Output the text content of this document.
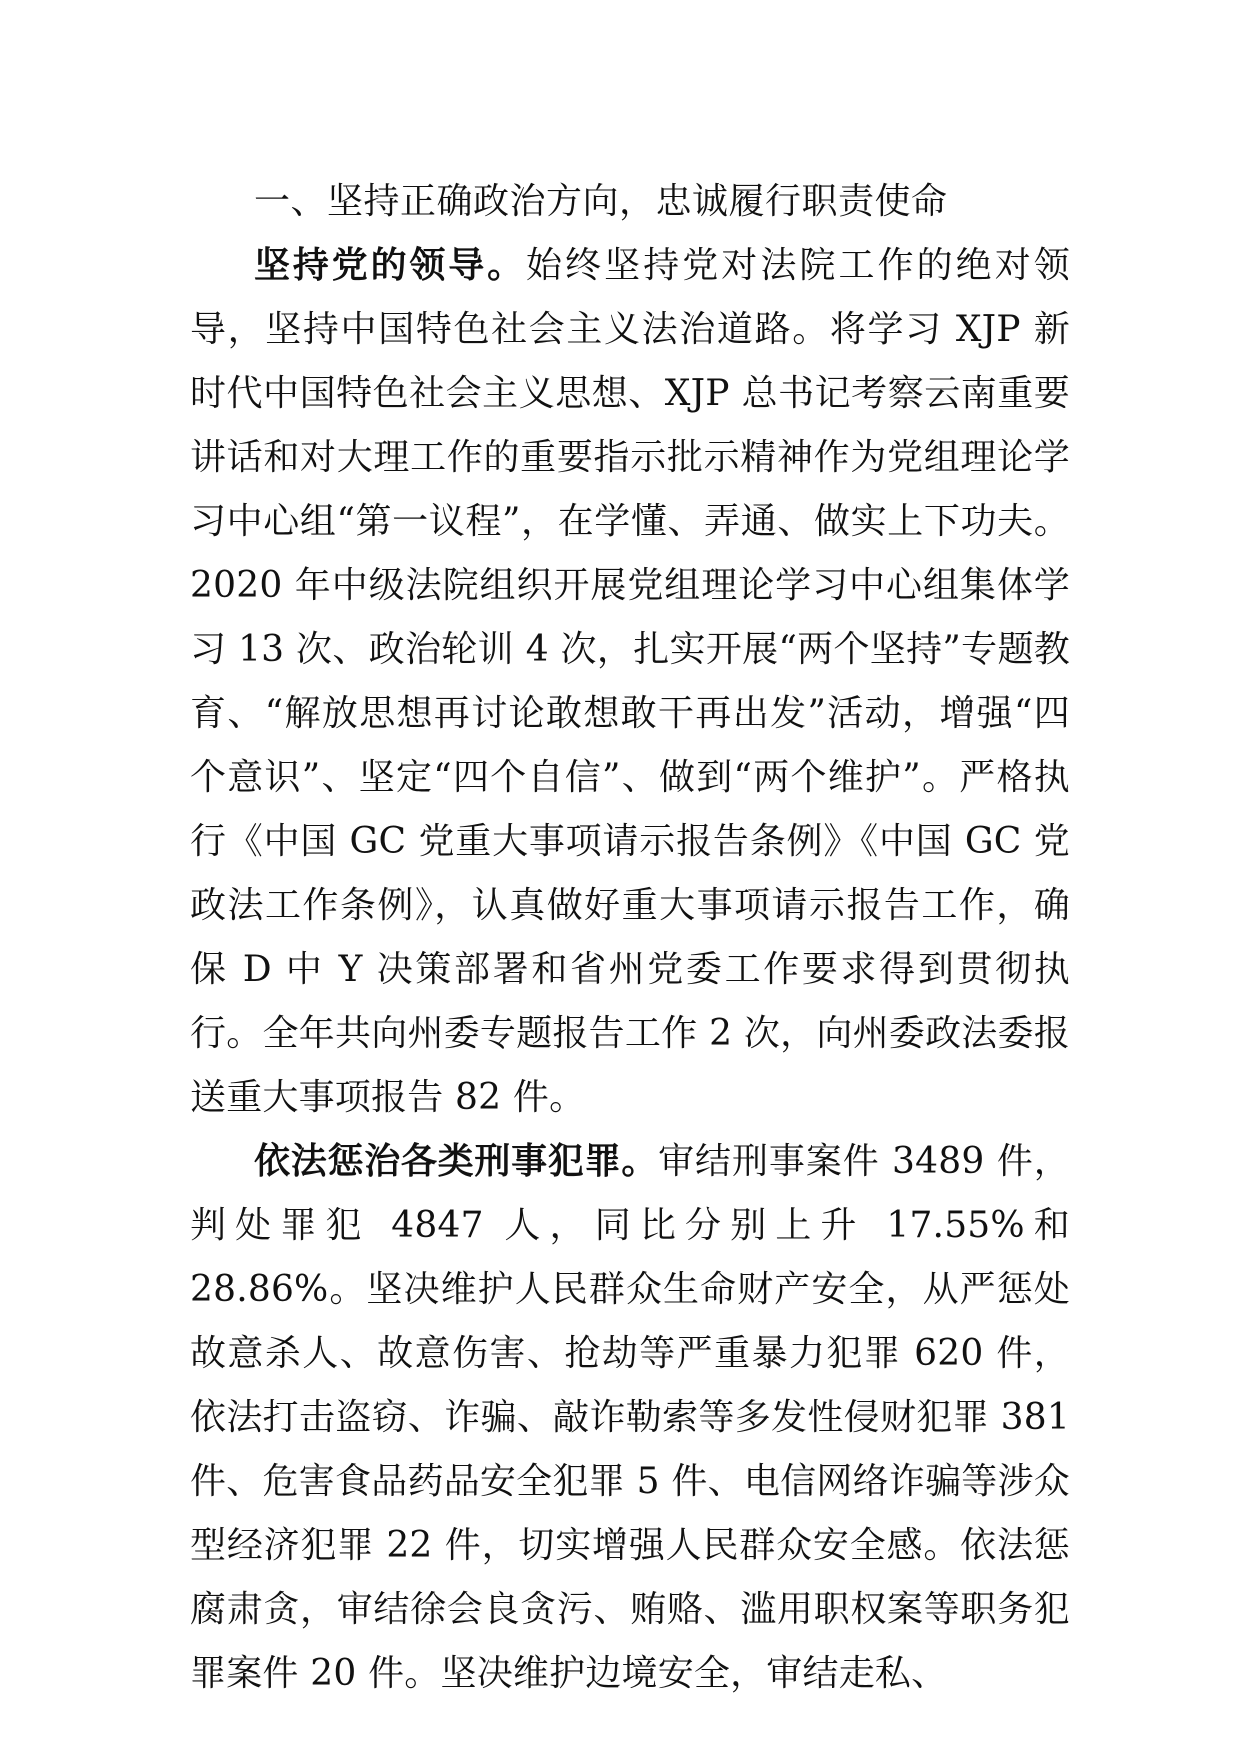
一、坚持正确政治方向，忠诚履行职责使命

坚持党的领导。始终坚持党对法院工作的绝对领导，坚持中国特色社会主义法治道路。将学习 XJP 新时代中国特色社会主义思想、XJP 总书记考察云南重要讲话和对大理工作的重要指示批示精神作为党组理论学习中心组“第一议程”，在学懂、弄通、做实上下功夫。2020 年中级法院组织开展党组理论学习中心组集体学习 13 次、政治轮训 4 次，扎实开展“两个坚持”专题教育、“解放思想再讨论敢想敢干再出发”活动，增强“四个意识”、坚定“四个自信”、做到“两个维护”。严格执行《中国 GC 党重大事项请示报告条例》《中国 GC 党政法工作条例》，认真做好重大事项请示报告工作，确保 D 中 Y 决策部署和省州党委工作要求得到贯彻执行。全年共向州委专题报告工作 2 次，向州委政法委报送重大事项报告 82 件。

依法惩治各类刑事犯罪。审结刑事案件 3489 件，判处罪犯 4847 人，同比分别上升 17.55%和 28.86%。坚决维护人民群众生命财产安全，从严惩处故意杀人、故意伤害、抢劫等严重暴力犯罪 620 件，依法打击盗窃、诈骗、敲诈勒索等多发性侵财犯罪 381 件、危害食品药品安全犯罪 5 件、电信网络诈骗等涉众型经济犯罪 22 件，切实增强人民群众安全感。依法惩腐肃贪，审结徐会良贪污、贿赂、滥用职权案等职务犯罪案件 20 件。坚决维护边境安全，审结走私、
